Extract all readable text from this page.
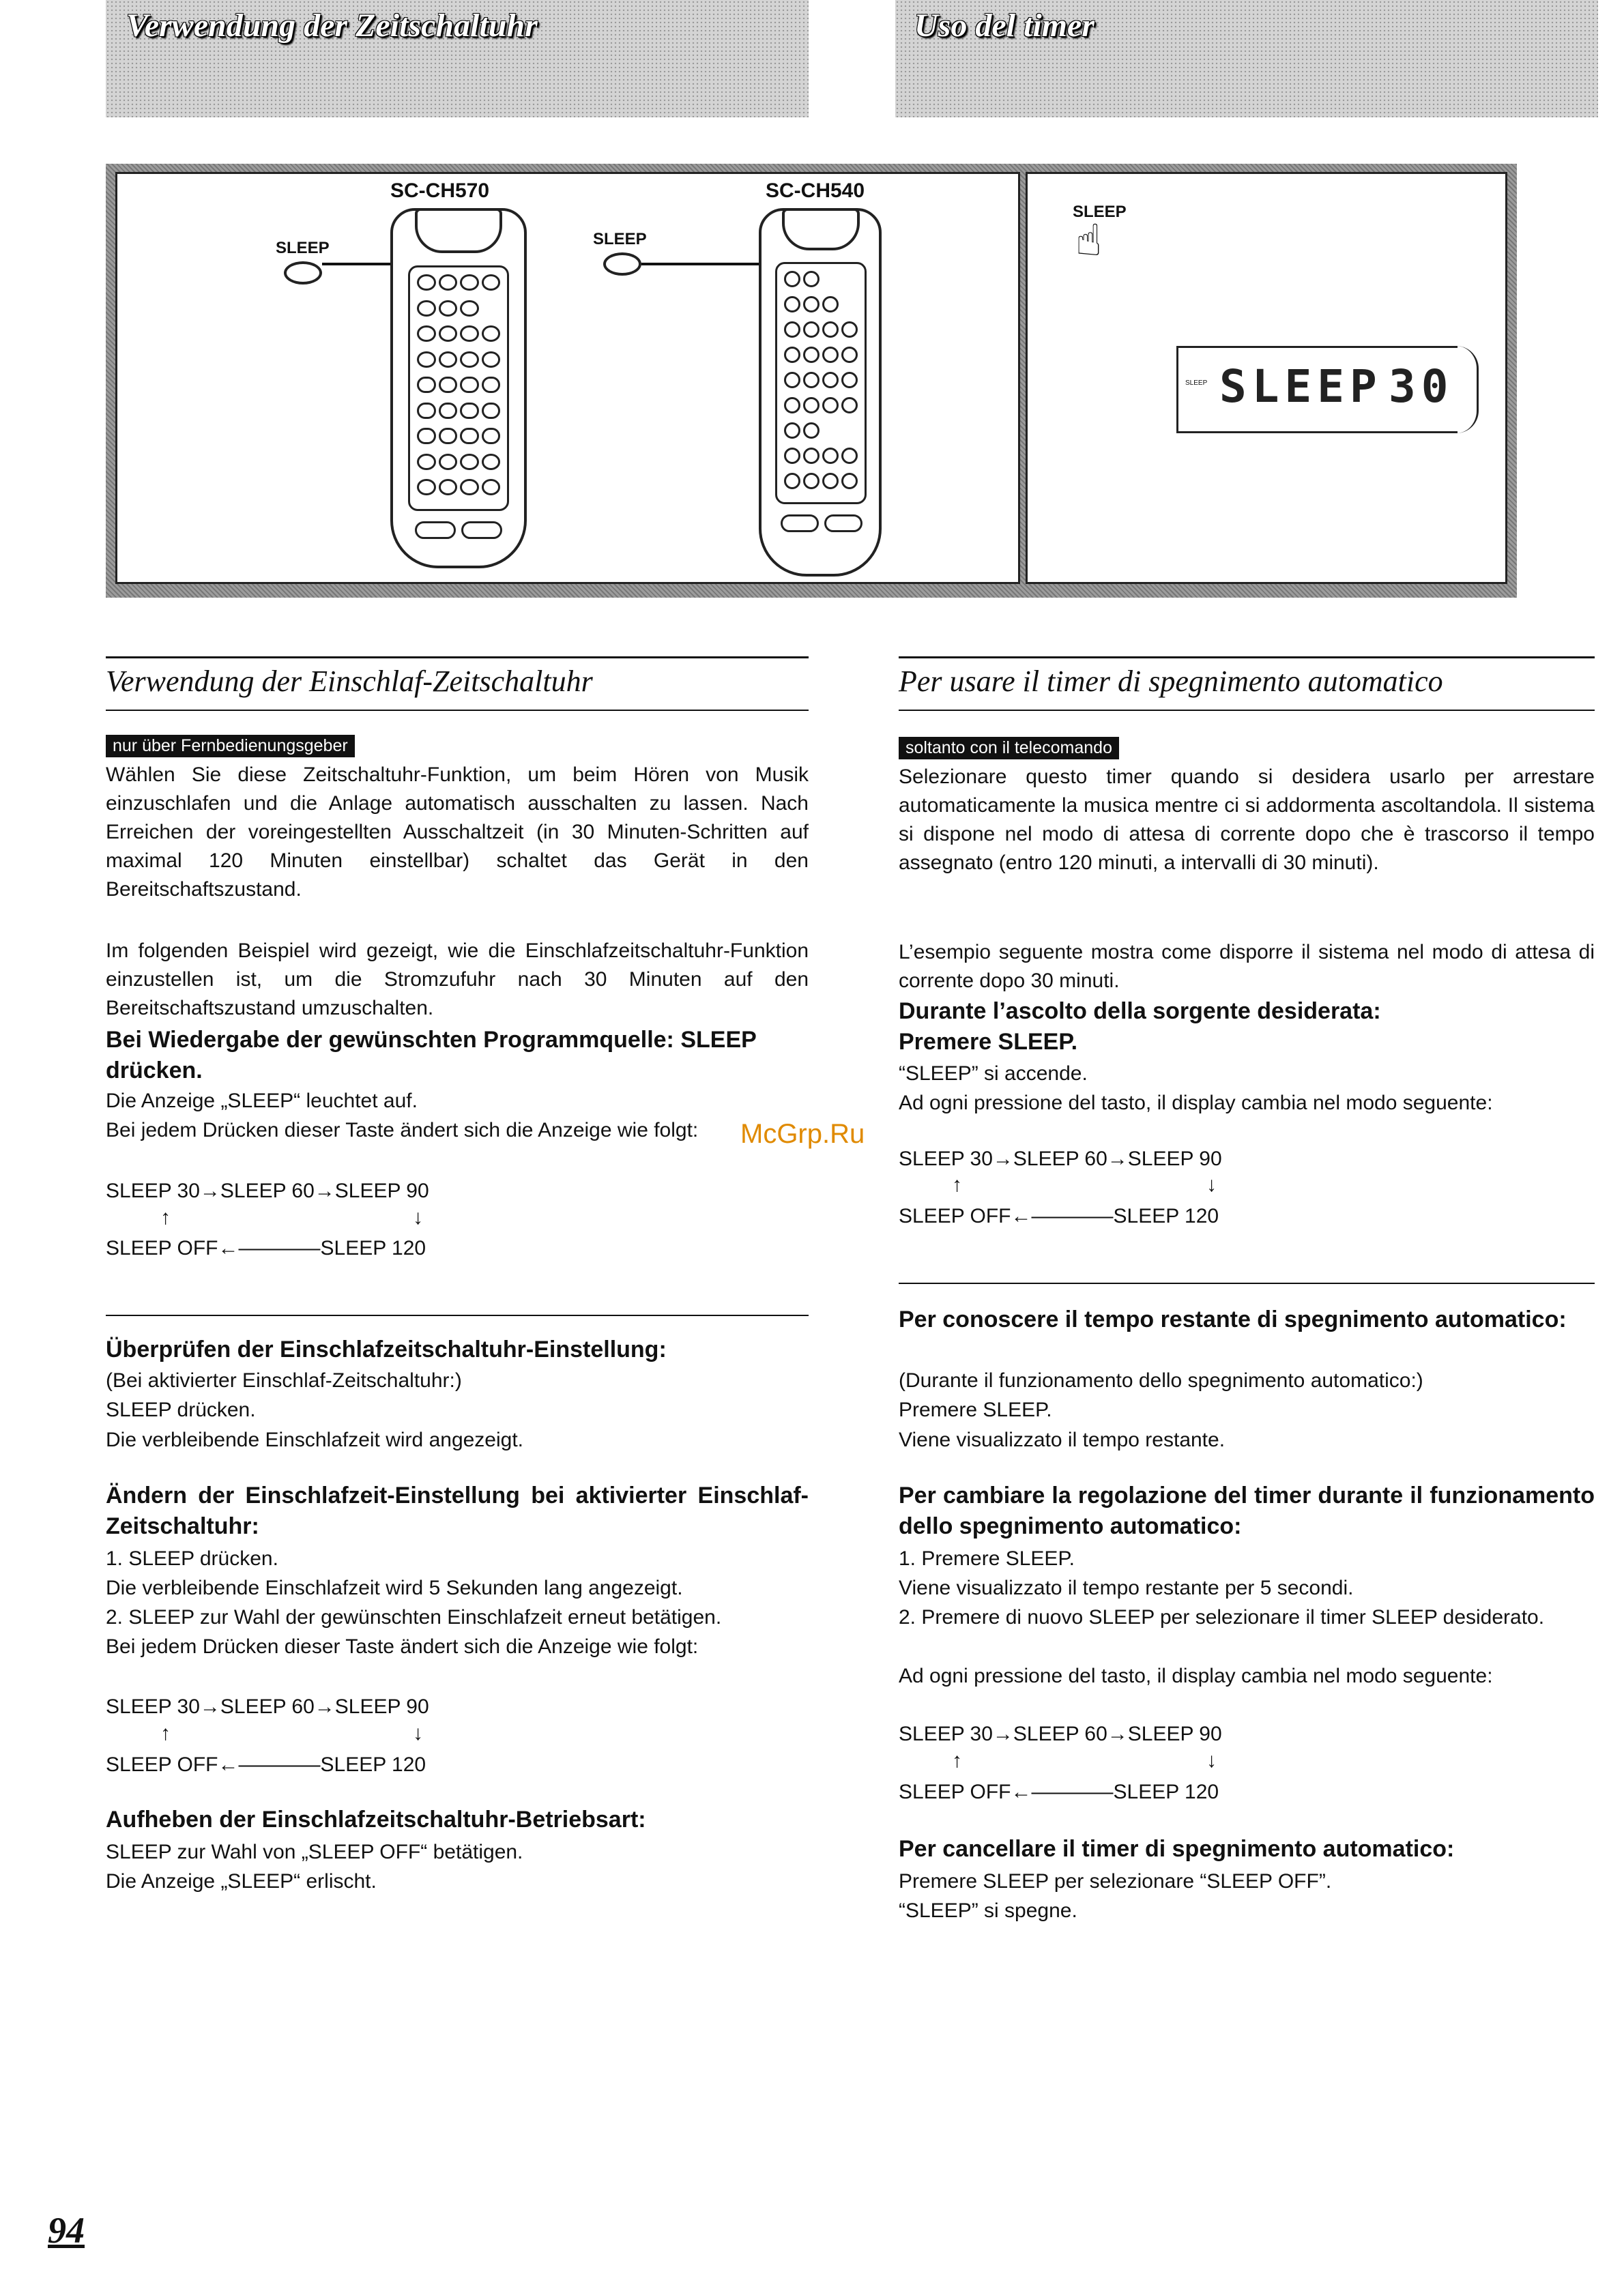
Verwendung der Zeitschaltuhr	Uso del timer
SC-CH570	SC-CH540
SLEEP	SLEEP
SLEEP
☝
SLEEP SLEEP 30
Verwendung der Einschlaf-Zeitschaltuhr
nur über Fernbedienungsgeber
Wählen Sie diese Zeitschaltuhr-Funktion, um beim Hören von Musik einzuschlafen und die Anlage automatisch ausschalten zu lassen. Nach Erreichen der voreingestellten Ausschaltzeit (in 30 Minuten-Schritten auf maximal 120 Minuten einstellbar) schaltet das Gerät in den Bereitschaftszustand.
Im folgenden Beispiel wird gezeigt, wie die Einschlafzeitschaltuhr-Funktion einzustellen ist, um die Stromzufuhr nach 30 Minuten auf den Bereitschaftszustand umzuschalten.
Bei Wiedergabe der gewünschten Programmquelle: SLEEP drücken.
Die Anzeige „SLEEP“ leuchtet auf.
Bei jedem Drücken dieser Taste ändert sich die Anzeige wie folgt:
SLEEP 30→SLEEP 60→SLEEP 90
↑	↓
SLEEP OFF←————SLEEP 120
Überprüfen der Einschlafzeitschaltuhr-Einstellung:
(Bei aktivierter Einschlaf-Zeitschaltuhr:)
SLEEP drücken.
Die verbleibende Einschlafzeit wird angezeigt.
Ändern der Einschlafzeit-Einstellung bei aktivierter Einschlaf-Zeitschaltuhr:
1. SLEEP drücken.
Die verbleibende Einschlafzeit wird 5 Sekunden lang angezeigt.
2. SLEEP zur Wahl der gewünschten Einschlafzeit erneut betätigen.
Bei jedem Drücken dieser Taste ändert sich die Anzeige wie folgt:
SLEEP 30→SLEEP 60→SLEEP 90
↑	↓
SLEEP OFF←————SLEEP 120
Aufheben der Einschlafzeitschaltuhr-Betriebsart:
SLEEP zur Wahl von „SLEEP OFF“ betätigen.
Die Anzeige „SLEEP“ erlischt.
Per usare il timer di spegnimento automatico
soltanto con il telecomando
Selezionare questo timer quando si desidera usarlo per arrestare automaticamente la musica mentre ci si addormenta ascoltandola. Il sistema si dispone nel modo di attesa di corrente dopo che è trascorso il tempo assegnato (entro 120 minuti, a intervalli di 30 minuti).
L’esempio seguente mostra come disporre il sistema nel modo di attesa di corrente dopo 30 minuti.
Durante l’ascolto della sorgente desiderata:
Premere SLEEP.
“SLEEP” si accende.
Ad ogni pressione del tasto, il display cambia nel modo seguente:
SLEEP 30→SLEEP 60→SLEEP 90
↑	↓
SLEEP OFF←————SLEEP 120
Per conoscere il tempo restante di spegnimento automatico:
(Durante il funzionamento dello spegnimento automatico:)
Premere SLEEP.
Viene visualizzato il tempo restante.
Per cambiare la regolazione del timer durante il funzionamento dello spegnimento automatico:
1. Premere SLEEP.
Viene visualizzato il tempo restante per 5 secondi.
2. Premere di nuovo SLEEP per selezionare il timer SLEEP desiderato.
Ad ogni pressione del tasto, il display cambia nel modo seguente:
SLEEP 30→SLEEP 60→SLEEP 90
↑	↓
SLEEP OFF←————SLEEP 120
Per cancellare il timer di spegnimento automatico:
Premere SLEEP per selezionare “SLEEP OFF”.
“SLEEP” si spegne.
McGrp.Ru
94
